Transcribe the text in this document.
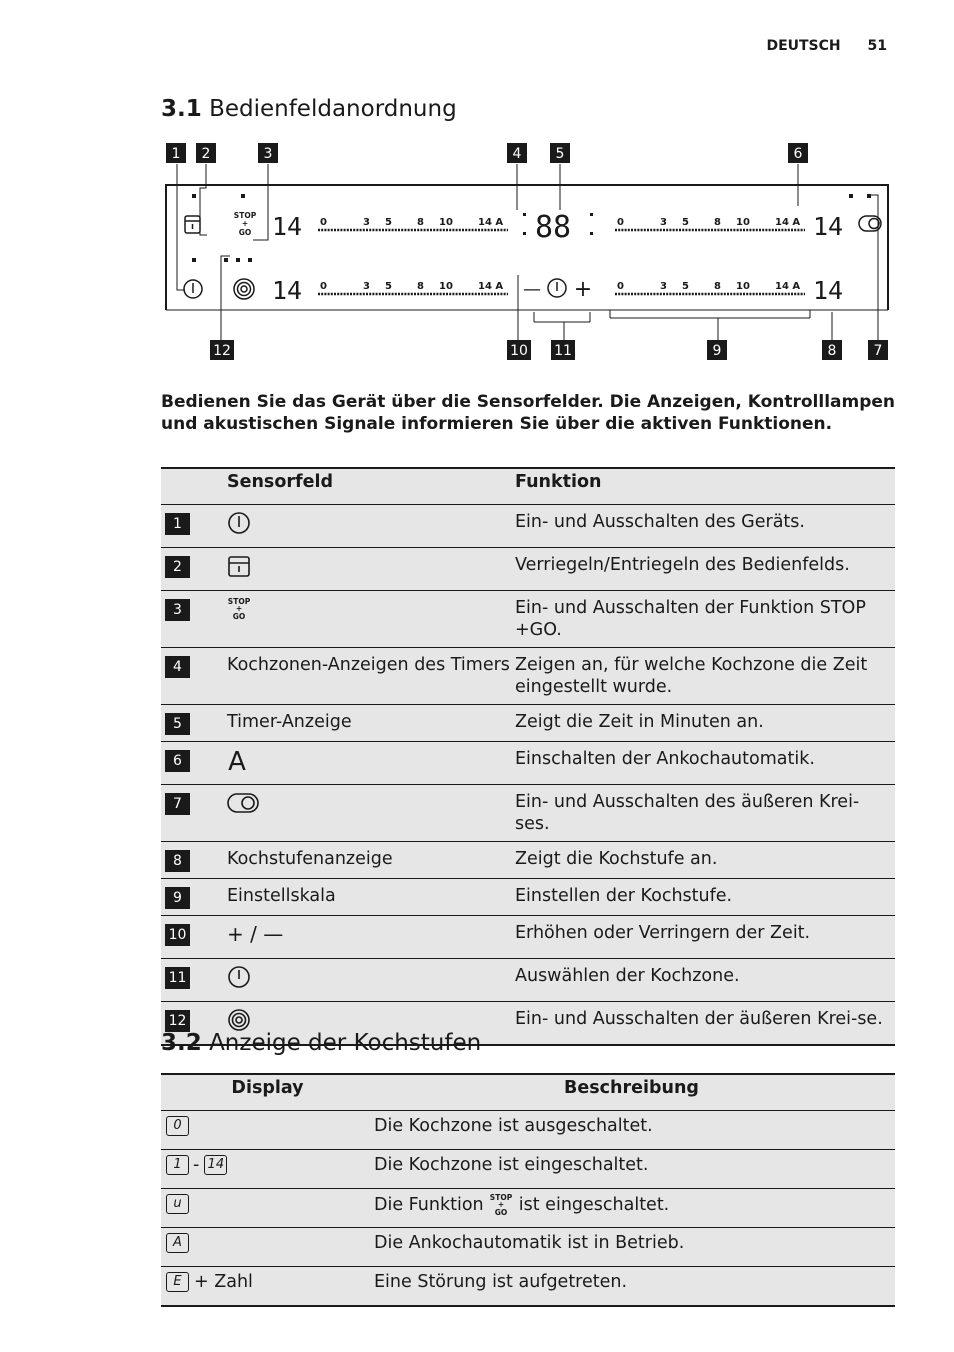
DEUTSCH 51
3.1 Bedienfeldanordnung
1 2	3	4 5	6
7
8
9
10 11
12
STOP
+
GO
— +
14
14
14
14
88
0	3 5	8 10	14 A
0	3 5	8 10	14 A
0	3 5	8 10	14 A
0	3 5	8 10	14 A
Bedienen Sie das Gerät über die Sensorfelder. Die Anzeigen, Kontrolllampen und akustischen Signale informieren Sie über die aktiven Funktionen.
	Sensorfeld	Funktion
1		Ein- und Ausschalten des Geräts.
2		Verriegeln/Entriegeln des Bedienfelds.
3	STOP
+
GO	Ein- und Ausschalten der Funktion STOP +GO.
4	Kochzonen-Anzeigen des Timers	Zeigen an, für welche Kochzone die Zeit eingestellt wurde.
5	Timer-Anzeige	Zeigt die Zeit in Minuten an.
6	A	Einschalten der Ankochautomatik.
7		Ein- und Ausschalten des äußeren Krei-ses.
8	Kochstufenanzeige	Zeigt die Kochstufe an.
9	Einstellskala	Einstellen der Kochstufe.
10	+ / —	Erhöhen oder Verringern der Zeit.
11		Auswählen der Kochzone.
12		Ein- und Ausschalten der äußeren Krei-se.
3.2 Anzeige der Kochstufen
Display	Beschreibung
0	Die Kochzone ist ausgeschaltet.
1 - 14	Die Kochzone ist eingeschaltet.
u	Die Funktion STOP
+
GO ist eingeschaltet.
A	Die Ankochautomatik ist in Betrieb.
E + Zahl	Eine Störung ist aufgetreten.
